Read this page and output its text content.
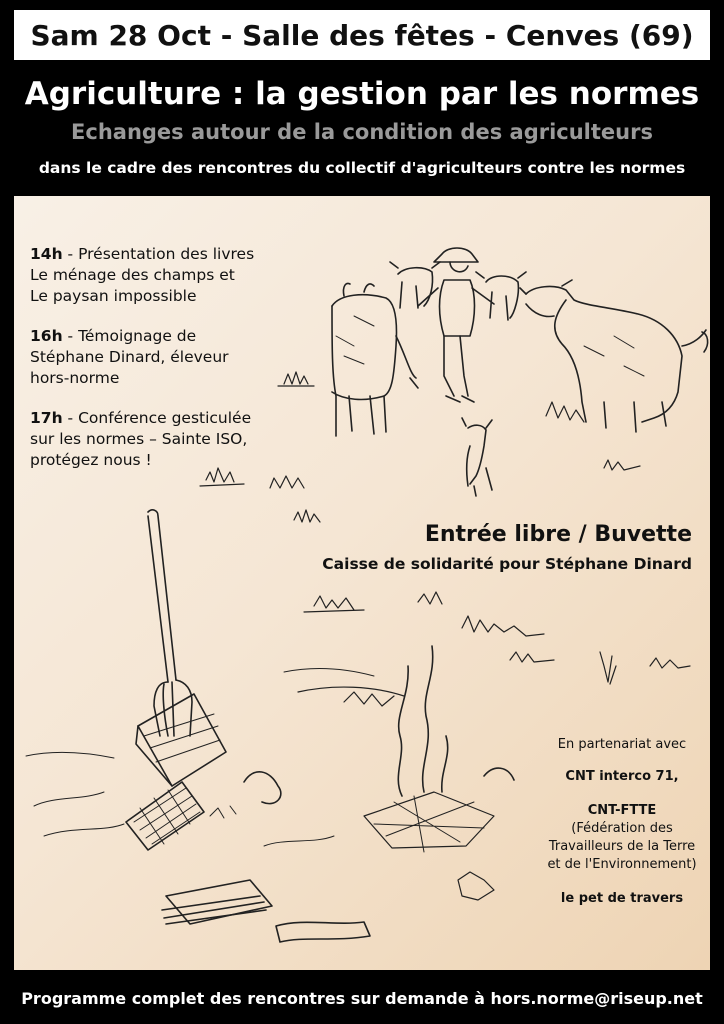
Sam 28 Oct - Salle des fêtes - Cenves (69)
Agriculture : la gestion par les normes
Echanges autour de la condition des agriculteurs
dans le cadre des rencontres du collectif d'agriculteurs contre les normes
14h - Présentation des livres
Le ménage des champs et
Le paysan impossible
16h - Témoignage de
Stéphane Dinard, éleveur
hors-norme
17h - Conférence gesticulée
sur les normes – Sainte ISO,
protégez nous !
Entrée libre / Buvette
Caisse de solidarité pour Stéphane Dinard
En partenariat avec
CNT interco 71,
CNT-FTTE
(Fédération des Travailleurs de la Terre et de l'Environnement)
le pet de travers
Programme complet des rencontres sur demande à hors.norme@riseup.net
